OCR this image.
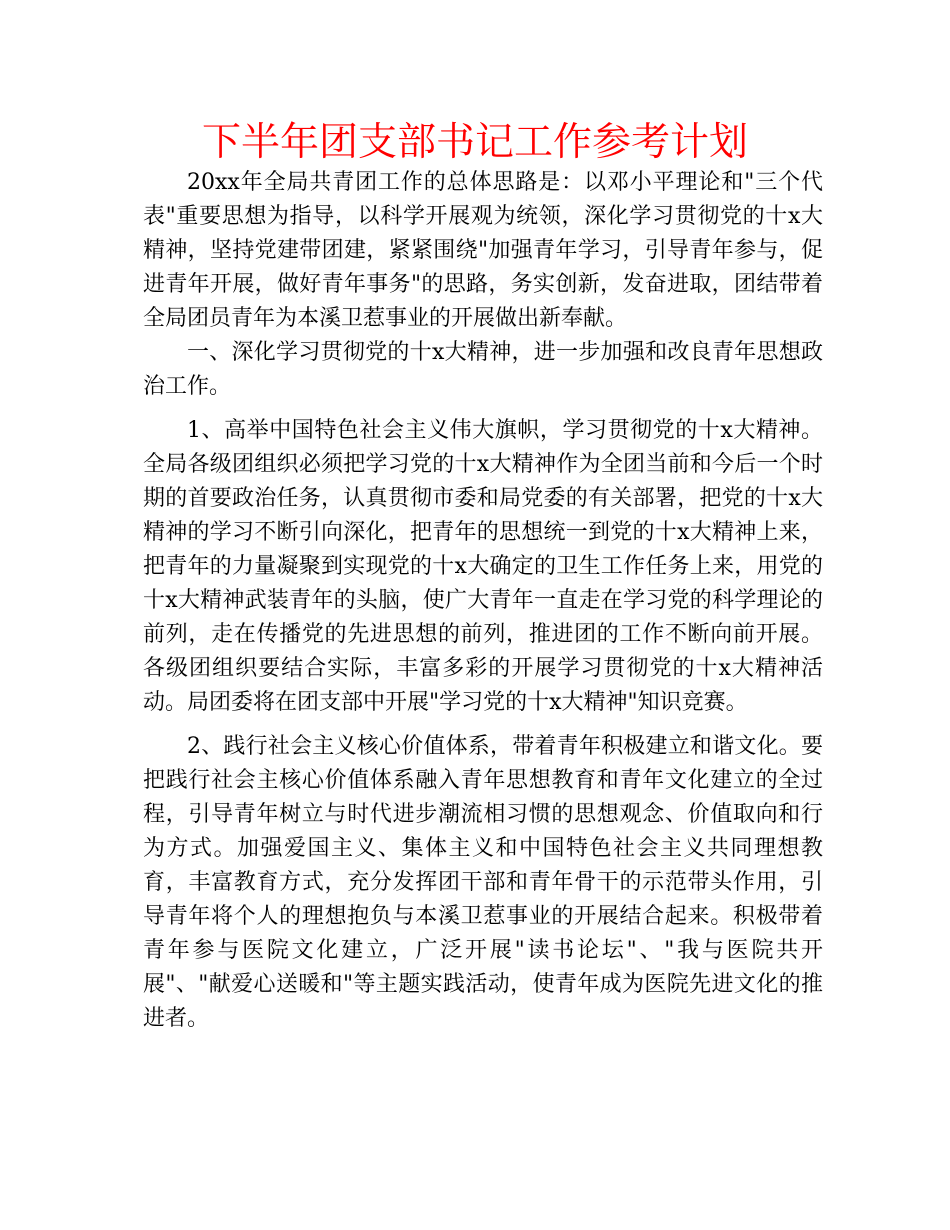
下半年团支部书记工作参考计划

20xx年全局共青团工作的总体思路是：以邓小平理论和"三个代表"重要思想为指导，以科学开展观为统领，深化学习贯彻党的十x大精神，坚持党建带团建，紧紧围绕"加强青年学习，引导青年参与，促进青年开展，做好青年事务"的思路，务实创新，发奋进取，团结带着全局团员青年为本溪卫惹事业的开展做出新奉献。

一、深化学习贯彻党的十x大精神，进一步加强和改良青年思想政治工作。

1、高举中国特色社会主义伟大旗帜，学习贯彻党的十x大精神。全局各级团组织必须把学习党的十x大精神作为全团当前和今后一个时期的首要政治任务，认真贯彻市委和局党委的有关部署，把党的十x大精神的学习不断引向深化，把青年的思想统一到党的十x大精神上来，把青年的力量凝聚到实现党的十x大确定的卫生工作任务上来，用党的十x大精神武装青年的头脑，使广大青年一直走在学习党的科学理论的前列，走在传播党的先进思想的前列，推进团的工作不断向前开展。各级团组织要结合实际，丰富多彩的开展学习贯彻党的十x大精神活动。局团委将在团支部中开展"学习党的十x大精神"知识竞赛。

2、践行社会主义核心价值体系，带着青年积极建立和谐文化。要把践行社会主核心价值体系融入青年思想教育和青年文化建立的全过程，引导青年树立与时代进步潮流相习惯的思想观念、价值取向和行为方式。加强爱国主义、集体主义和中国特色社会主义共同理想教育，丰富教育方式，充分发挥团干部和青年骨干的示范带头作用，引导青年将个人的理想抱负与本溪卫惹事业的开展结合起来。积极带着青年参与医院文化建立，广泛开展"读书论坛"、"我与医院共开展"、"献爱心送暖和"等主题实践活动，使青年成为医院先进文化的推进者。
